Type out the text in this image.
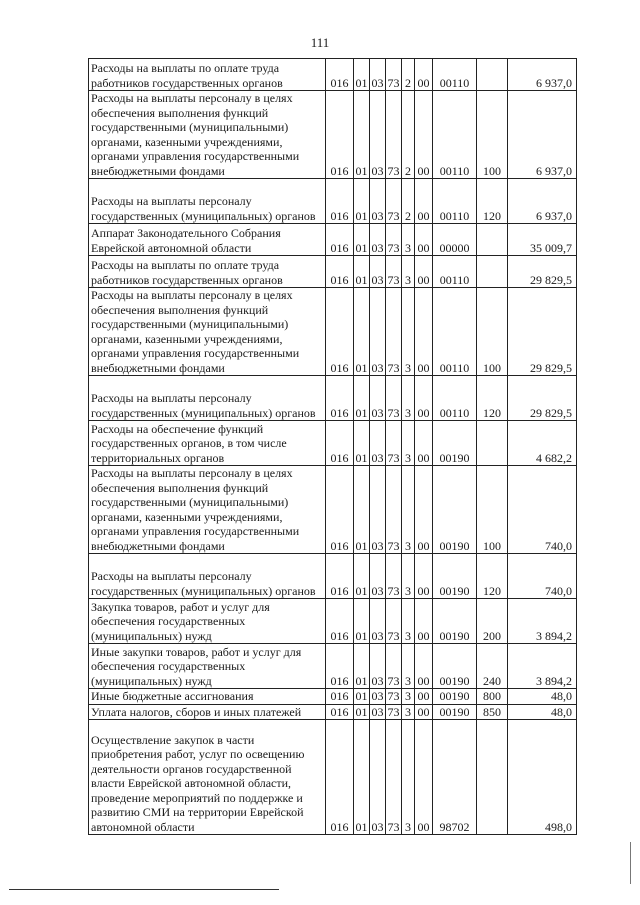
111
Расходы на выплаты по оплате труда работников государственных органов	016	01	03	73	2	00	00110		6 937,0
Расходы на выплаты персоналу в целях обеспечения выполнения функций государственными (муниципальными) органами, казенными учреждениями, органами управления государственными внебюджетными фондами	016	01	03	73	2	00	00110	100	6 937,0
Расходы на выплаты персоналу государственных (муниципальных) органов	016	01	03	73	2	00	00110	120	6 937,0
Аппарат Законодательного Собрания Еврейской автономной области	016	01	03	73	3	00	00000		35 009,7
Расходы на выплаты по оплате труда работников государственных органов	016	01	03	73	3	00	00110		29 829,5
Расходы на выплаты персоналу в целях обеспечения выполнения функций государственными (муниципальными) органами, казенными учреждениями, органами управления государственными внебюджетными фондами	016	01	03	73	3	00	00110	100	29 829,5
Расходы на выплаты персоналу государственных (муниципальных) органов	016	01	03	73	3	00	00110	120	29 829,5
Расходы на обеспечение функций государственных органов, в том числе территориальных органов	016	01	03	73	3	00	00190		4 682,2
Расходы на выплаты персоналу в целях обеспечения выполнения функций государственными (муниципальными) органами, казенными учреждениями, органами управления государственными внебюджетными фондами	016	01	03	73	3	00	00190	100	740,0
Расходы на выплаты персоналу государственных (муниципальных) органов	016	01	03	73	3	00	00190	120	740,0
Закупка товаров, работ и услуг для обеспечения государственных (муниципальных) нужд	016	01	03	73	3	00	00190	200	3 894,2
Иные закупки товаров, работ и услуг для обеспечения государственных (муниципальных) нужд	016	01	03	73	3	00	00190	240	3 894,2
Иные бюджетные ассигнования	016	01	03	73	3	00	00190	800	48,0
Уплата налогов, сборов и иных платежей	016	01	03	73	3	00	00190	850	48,0
Осуществление закупок в части приобретения работ, услуг по освещению деятельности органов государственной власти Еврейской автономной области, проведение мероприятий по поддержке и развитию СМИ на территории Еврейской автономной области	016	01	03	73	3	00	98702		498,0
